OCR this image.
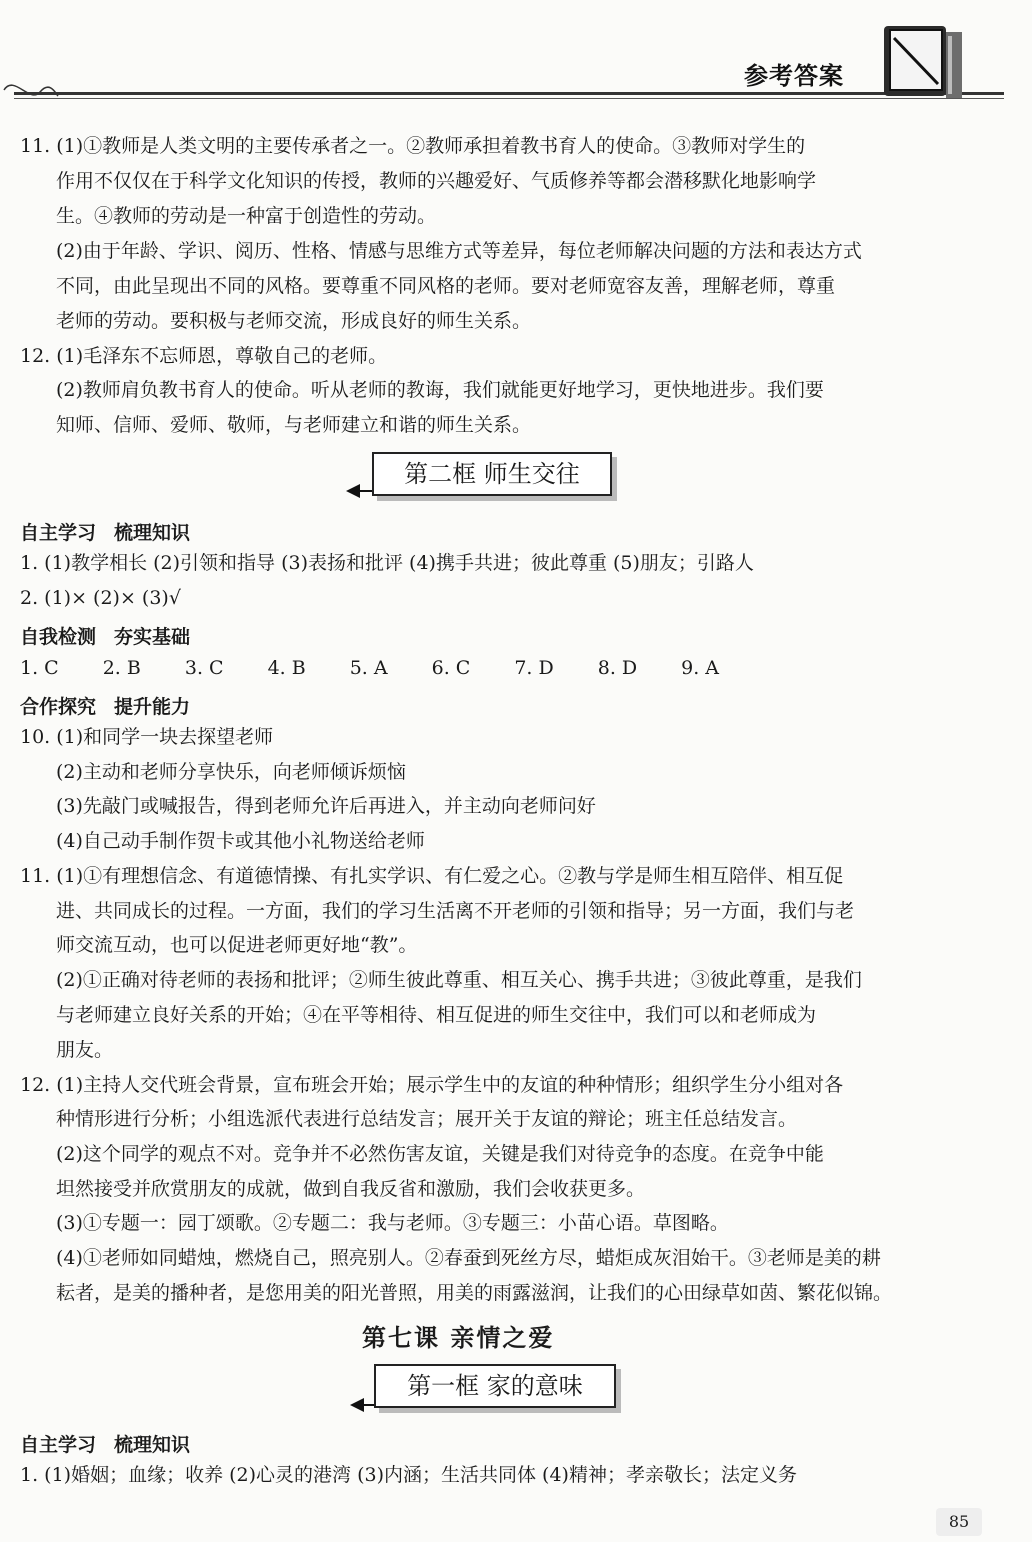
参考答案
11. (1)①教师是人类文明的主要传承者之一。②教师承担着教书育人的使命。③教师对学生的
作用不仅仅在于科学文化知识的传授，教师的兴趣爱好、气质修养等都会潜移默化地影响学
生。④教师的劳动是一种富于创造性的劳动。
(2)由于年龄、学识、阅历、性格、情感与思维方式等差异，每位老师解决问题的方法和表达方式
不同，由此呈现出不同的风格。要尊重不同风格的老师。要对老师宽容友善，理解老师，尊重
老师的劳动。要积极与老师交流，形成良好的师生关系。
12. (1)毛泽东不忘师恩，尊敬自己的老师。
(2)教师肩负教书育人的使命。听从老师的教诲，我们就能更好地学习，更快地进步。我们要
知师、信师、爱师、敬师，与老师建立和谐的师生关系。
第二框 师生交往
自主学习 梳理知识
1. (1)教学相长 (2)引领和指导 (3)表扬和批评 (4)携手共进；彼此尊重 (5)朋友；引路人
2. (1)× (2)× (3)√
自我检测 夯实基础
1. C 2. B 3. C 4. B 5. A 6. C 7. D 8. D 9. A
合作探究 提升能力
10. (1)和同学一块去探望老师
(2)主动和老师分享快乐，向老师倾诉烦恼
(3)先敲门或喊报告，得到老师允许后再进入，并主动向老师问好
(4)自己动手制作贺卡或其他小礼物送给老师
11. (1)①有理想信念、有道德情操、有扎实学识、有仁爱之心。②教与学是师生相互陪伴、相互促
进、共同成长的过程。一方面，我们的学习生活离不开老师的引领和指导；另一方面，我们与老
师交流互动，也可以促进老师更好地“教”。
(2)①正确对待老师的表扬和批评；②师生彼此尊重、相互关心、携手共进；③彼此尊重，是我们
与老师建立良好关系的开始；④在平等相待、相互促进的师生交往中，我们可以和老师成为
朋友。
12. (1)主持人交代班会背景，宣布班会开始；展示学生中的友谊的种种情形；组织学生分小组对各
种情形进行分析；小组选派代表进行总结发言；展开关于友谊的辩论；班主任总结发言。
(2)这个同学的观点不对。竞争并不必然伤害友谊，关键是我们对待竞争的态度。在竞争中能
坦然接受并欣赏朋友的成就，做到自我反省和激励，我们会收获更多。
(3)①专题一：园丁颂歌。②专题二：我与老师。③专题三：小苗心语。草图略。
(4)①老师如同蜡烛，燃烧自己，照亮别人。②春蚕到死丝方尽，蜡炬成灰泪始干。③老师是美的耕
耘者，是美的播种者，是您用美的阳光普照，用美的雨露滋润，让我们的心田绿草如茵、繁花似锦。
第七课 亲情之爱
第一框 家的意味
自主学习 梳理知识
1. (1)婚姻；血缘；收养 (2)心灵的港湾 (3)内涵；生活共同体 (4)精神；孝亲敬长；法定义务
85
